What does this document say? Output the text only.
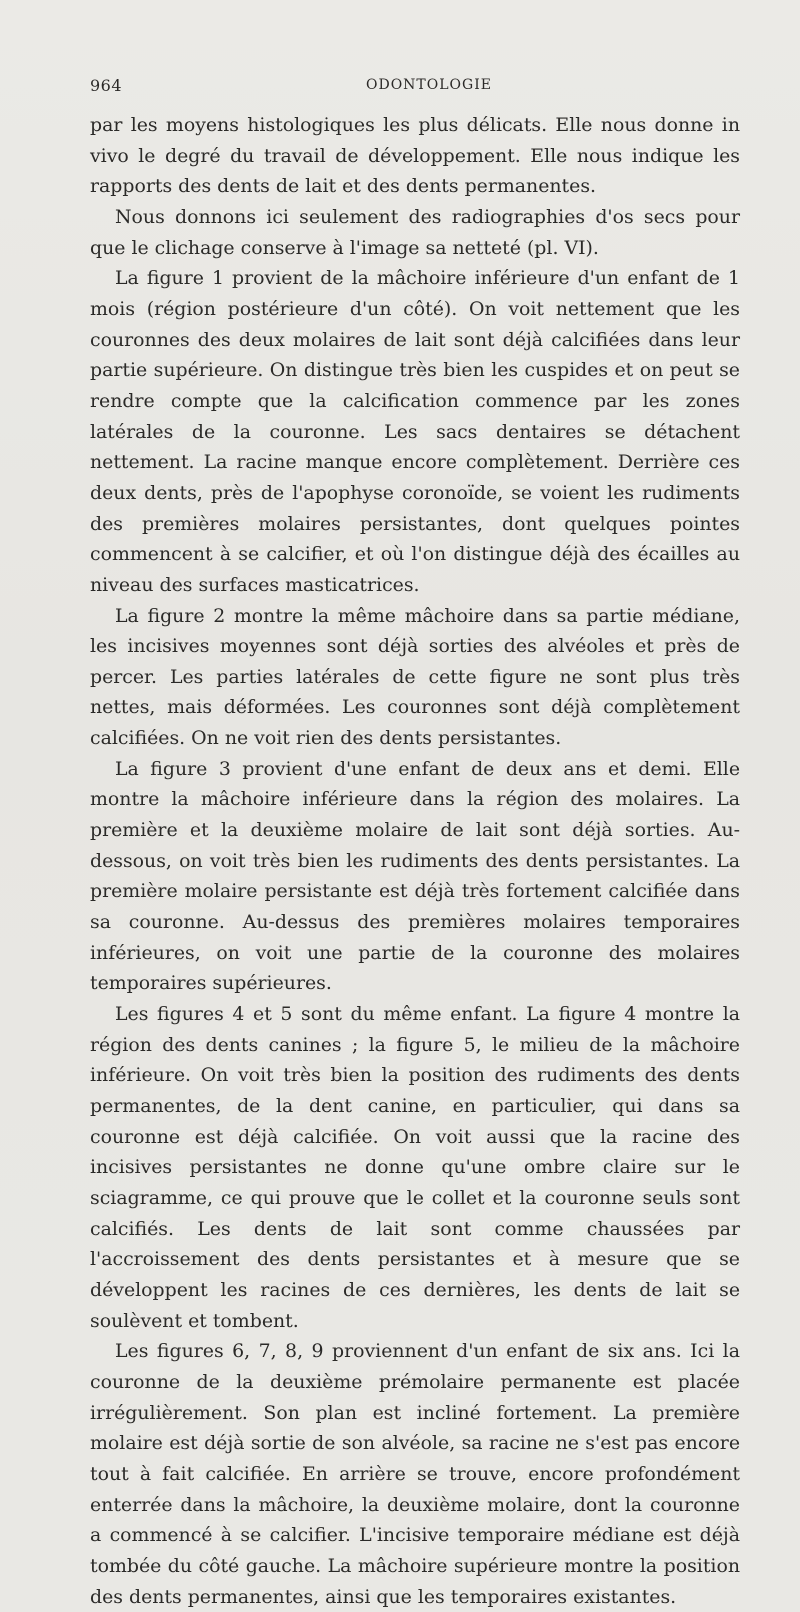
964	ODONTOLOGIE

par les moyens histologiques les plus délicats. Elle nous donne in vivo le degré du travail de développement. Elle nous indique les rapports des dents de lait et des dents permanentes.

Nous donnons ici seulement des radiographies d'os secs pour que le clichage conserve à l'image sa netteté (pl. VI).

La figure 1 provient de la mâchoire inférieure d'un enfant de 1 mois (région postérieure d'un côté). On voit nettement que les couronnes des deux molaires de lait sont déjà calcifiées dans leur partie supérieure. On distingue très bien les cuspides et on peut se rendre compte que la calcification commence par les zones latérales de la couronne. Les sacs dentaires se détachent nettement. La racine manque encore complètement. Derrière ces deux dents, près de l'apophyse coronoïde, se voient les rudiments des premières molaires persistantes, dont quelques pointes commencent à se calcifier, et où l'on distingue déjà des écailles au niveau des surfaces masticatrices.

La figure 2 montre la même mâchoire dans sa partie médiane, les incisives moyennes sont déjà sorties des alvéoles et près de percer. Les parties latérales de cette figure ne sont plus très nettes, mais déformées. Les couronnes sont déjà complètement calcifiées. On ne voit rien des dents persistantes.

La figure 3 provient d'une enfant de deux ans et demi. Elle montre la mâchoire inférieure dans la région des molaires. La première et la deuxième molaire de lait sont déjà sorties. Au-dessous, on voit très bien les rudiments des dents persistantes. La première molaire persistante est déjà très fortement calcifiée dans sa couronne. Au-dessus des premières molaires temporaires inférieures, on voit une partie de la couronne des molaires temporaires supérieures.

Les figures 4 et 5 sont du même enfant. La figure 4 montre la région des dents canines ; la figure 5, le milieu de la mâchoire inférieure. On voit très bien la position des rudiments des dents permanentes, de la dent canine, en particulier, qui dans sa couronne est déjà calcifiée. On voit aussi que la racine des incisives persistantes ne donne qu'une ombre claire sur le sciagramme, ce qui prouve que le collet et la couronne seuls sont calcifiés. Les dents de lait sont comme chaussées par l'accroissement des dents persistantes et à mesure que se développent les racines de ces dernières, les dents de lait se soulèvent et tombent.

Les figures 6, 7, 8, 9 proviennent d'un enfant de six ans. Ici la couronne de la deuxième prémolaire permanente est placée irrégulièrement. Son plan est incliné fortement. La première molaire est déjà sortie de son alvéole, sa racine ne s'est pas encore tout à fait calcifiée. En arrière se trouve, encore profondément enterrée dans la mâchoire, la deuxième molaire, dont la couronne a commencé à se calcifier. L'incisive temporaire médiane est déjà tombée du côté gauche. La mâchoire supérieure montre la position des dents permanentes, ainsi que les temporaires existantes.
